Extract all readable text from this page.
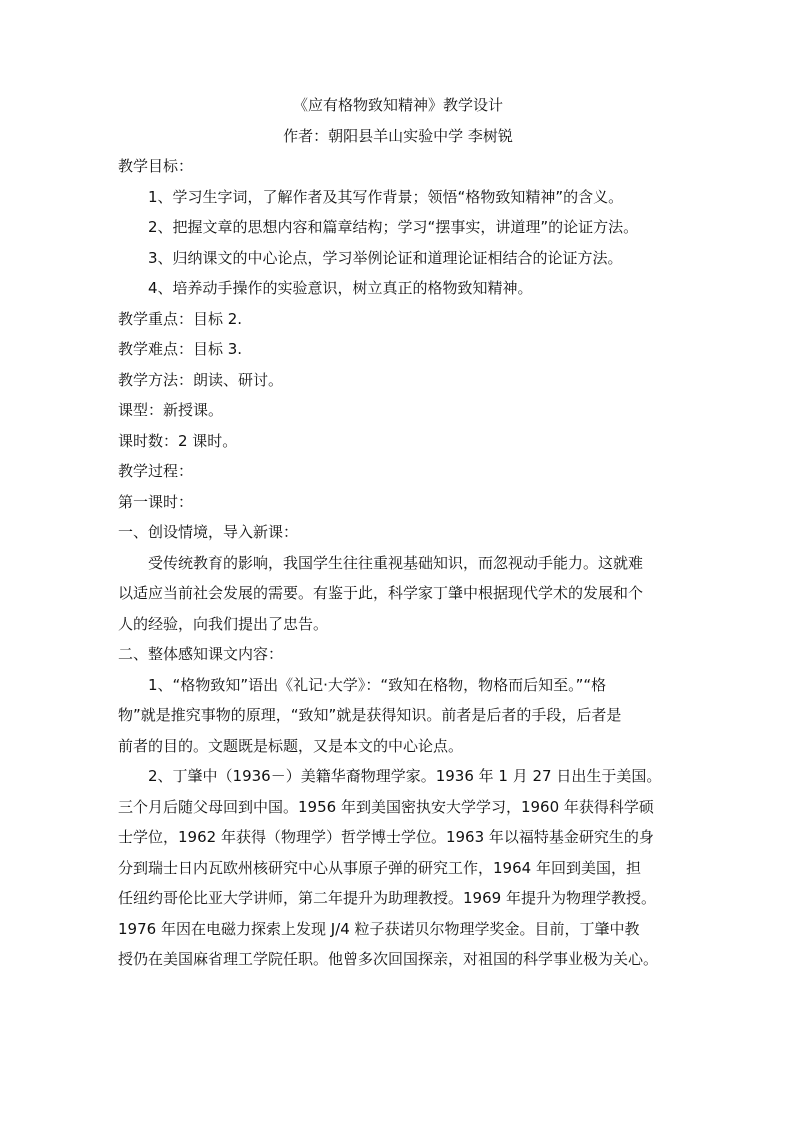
《应有格物致知精神》教学设计
作者：朝阳县羊山实验中学 李树锐
教学目标：
1、学习生字词，了解作者及其写作背景；领悟“格物致知精神”的含义。
2、把握文章的思想内容和篇章结构；学习“摆事实，讲道理”的论证方法。
3、归纳课文的中心论点，学习举例论证和道理论证相结合的论证方法。
4、培养动手操作的实验意识，树立真正的格物致知精神。
教学重点：目标 2.
教学难点：目标 3.
教学方法：朗读、研讨。
课型：新授课。
课时数：2 课时。
教学过程：
第一课时：
一、创设情境，导入新课：
受传统教育的影响，我国学生往往重视基础知识，而忽视动手能力。这就难
以适应当前社会发展的需要。有鉴于此，科学家丁肇中根据现代学术的发展和个
人的经验，向我们提出了忠告。
二、整体感知课文内容：
1、“格物致知”语出《礼记·大学》：“致知在格物，物格而后知至。”“格
物”就是推究事物的原理，“致知”就是获得知识。前者是后者的手段，后者是
前者的目的。文题既是标题，又是本文的中心论点。
2、丁肇中（1936－）美籍华裔物理学家。1936 年 1 月 27 日出生于美国。
三个月后随父母回到中国。1956 年到美国密执安大学学习，1960 年获得科学硕
士学位，1962 年获得（物理学）哲学博士学位。1963 年以福特基金研究生的身
分到瑞士日内瓦欧州核研究中心从事原子弹的研究工作，1964 年回到美国，担
任纽约哥伦比亚大学讲师，第二年提升为助理教授。1969 年提升为物理学教授。
1976 年因在电磁力探索上发现 J/4 粒子获诺贝尔物理学奖金。目前，丁肇中教
授仍在美国麻省理工学院任职。他曾多次回国探亲，对祖国的科学事业极为关心。
